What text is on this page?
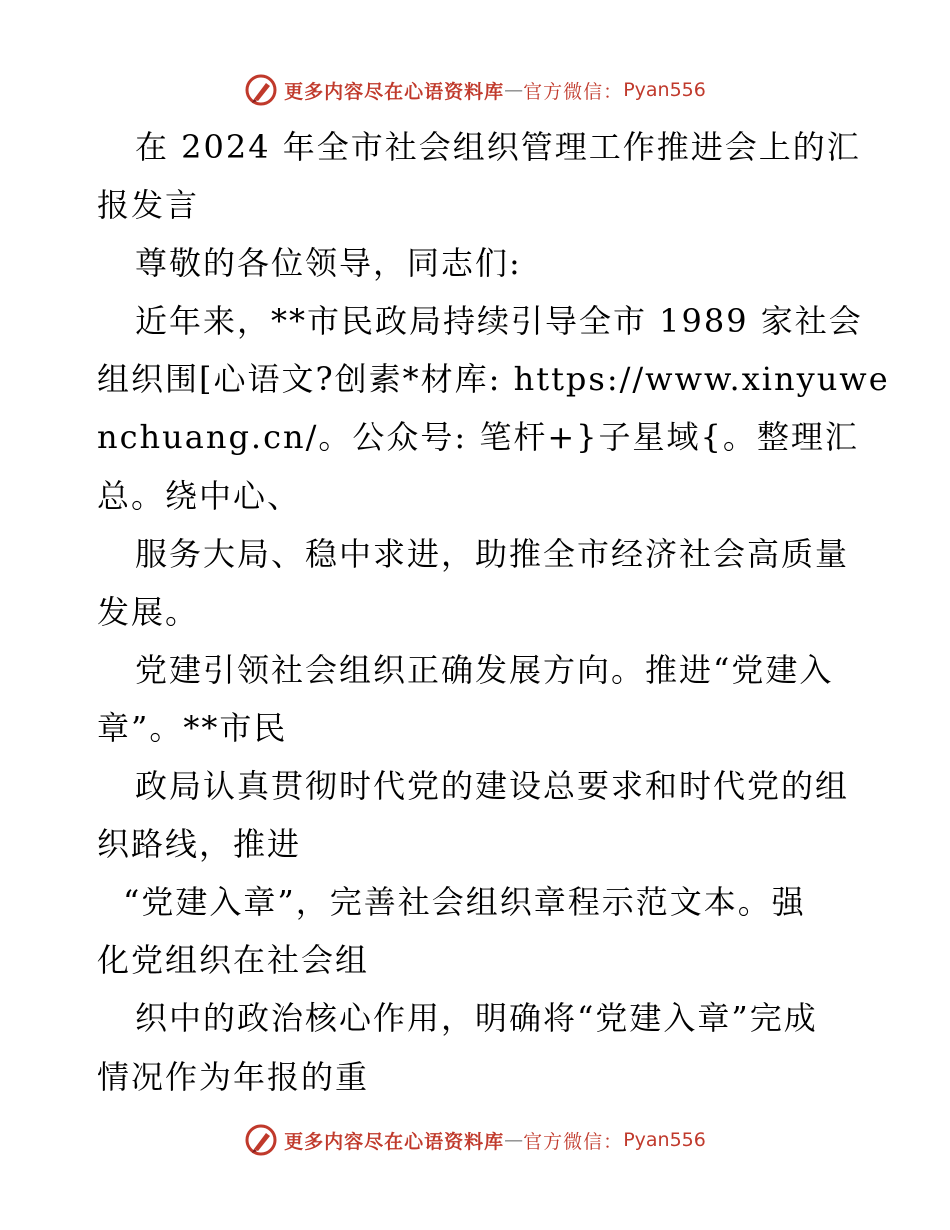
更多内容尽在心语资料库 — 官方微信： Pyan556
在 2024 年全市社会组织管理工作推进会上的汇
报发言
尊敬的各位领导，同志们:
近年来，**市民政局持续引导全市 1989 家社会
组织围[心语文?创素*材库: https://www.xinyuwe
nchuang.cn/。公众号: 笔杆+}子星域{。整理汇
总。绕中心、
服务大局、稳中求进，助推全市经济社会高质量
发展。
党建引领社会组织正确发展方向。推进“党建入
章”。**市民
政局认真贯彻时代党的建设总要求和时代党的组
织路线，推进
“党建入章”，完善社会组织章程示范文本。强
化党组织在社会组
织中的政治核心作用，明确将“党建入章”完成
情况作为年报的重
更多内容尽在心语资料库 — 官方微信： Pyan556
